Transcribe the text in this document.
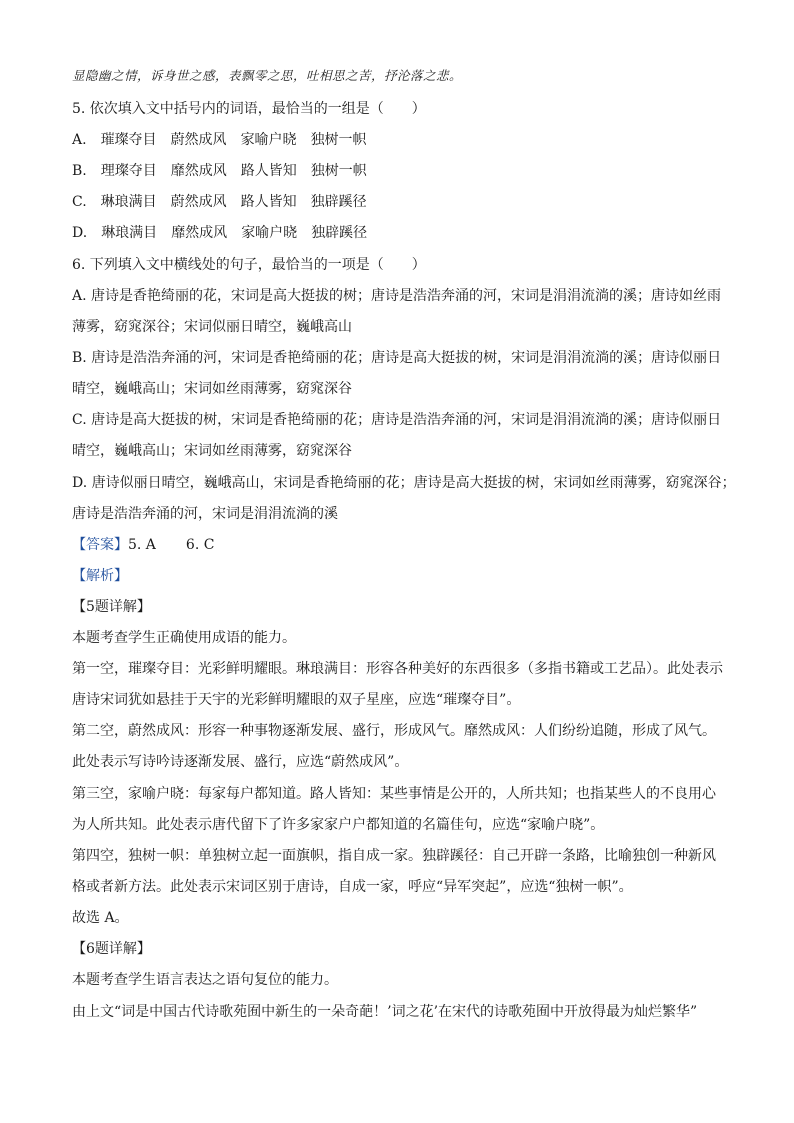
显隐幽之情，诉身世之感，表飘零之思，吐相思之苦，抒沦落之悲。
5. 依次填入文中括号内的词语，最恰当的一组是（　　）
A. 璀璨夺目 蔚然成风 家喻户晓 独树一帜
B. 理璨夺目 靡然成风 路人皆知 独树一帜
C. 琳琅满目 蔚然成风 路人皆知 独辟蹊径
D. 琳琅满目 靡然成风 家喻户晓 独辟蹊径
6. 下列填入文中横线处的句子，最恰当的一项是（　　）
A. 唐诗是香艳绮丽的花，宋词是高大挺拔的树；唐诗是浩浩奔涌的河，宋词是涓涓流淌的溪；唐诗如丝雨
薄雾，窈窕深谷；宋词似丽日晴空，巍峨高山
B. 唐诗是浩浩奔涌的河，宋词是香艳绮丽的花；唐诗是高大挺拔的树，宋词是涓涓流淌的溪；唐诗似丽日
晴空，巍峨高山；宋词如丝雨薄雾，窈窕深谷
C. 唐诗是高大挺拔的树，宋词是香艳绮丽的花；唐诗是浩浩奔涌的河，宋词是涓涓流淌的溪；唐诗似丽日
晴空，巍峨高山；宋词如丝雨薄雾，窈窕深谷
D. 唐诗似丽日晴空，巍峨高山，宋词是香艳绮丽的花；唐诗是高大挺拔的树，宋词如丝雨薄雾，窈窕深谷；
唐诗是浩浩奔涌的河，宋词是涓涓流淌的溪
【答案】5. A 6. C
【解析】
【5题详解】
本题考查学生正确使用成语的能力。
第一空，璀璨夺目：光彩鲜明耀眼。琳琅满目：形容各种美好的东西很多（多指书籍或工艺品）。此处表示
唐诗宋词犹如悬挂于天宇的光彩鲜明耀眼的双子星座，应选“璀璨夺目”。
第二空，蔚然成风：形容一种事物逐渐发展、盛行，形成风气。靡然成风：人们纷纷追随，形成了风气。
此处表示写诗吟诗逐渐发展、盛行，应选“蔚然成风”。
第三空，家喻户晓：每家每户都知道。路人皆知：某些事情是公开的，人所共知；也指某些人的不良用心
为人所共知。此处表示唐代留下了许多家家户户都知道的名篇佳句，应选“家喻户晓”。
第四空，独树一帜：单独树立起一面旗帜，指自成一家。独辟蹊径：自己开辟一条路，比喻独创一种新风
格或者新方法。此处表示宋词区别于唐诗，自成一家，呼应“异军突起”，应选“独树一帜”。
故选 A。
【6题详解】
本题考查学生语言表达之语句复位的能力。
由上文“词是中国古代诗歌苑囿中新生的一朵奇葩！’词之花’在宋代的诗歌苑囿中开放得最为灿烂繁华”
